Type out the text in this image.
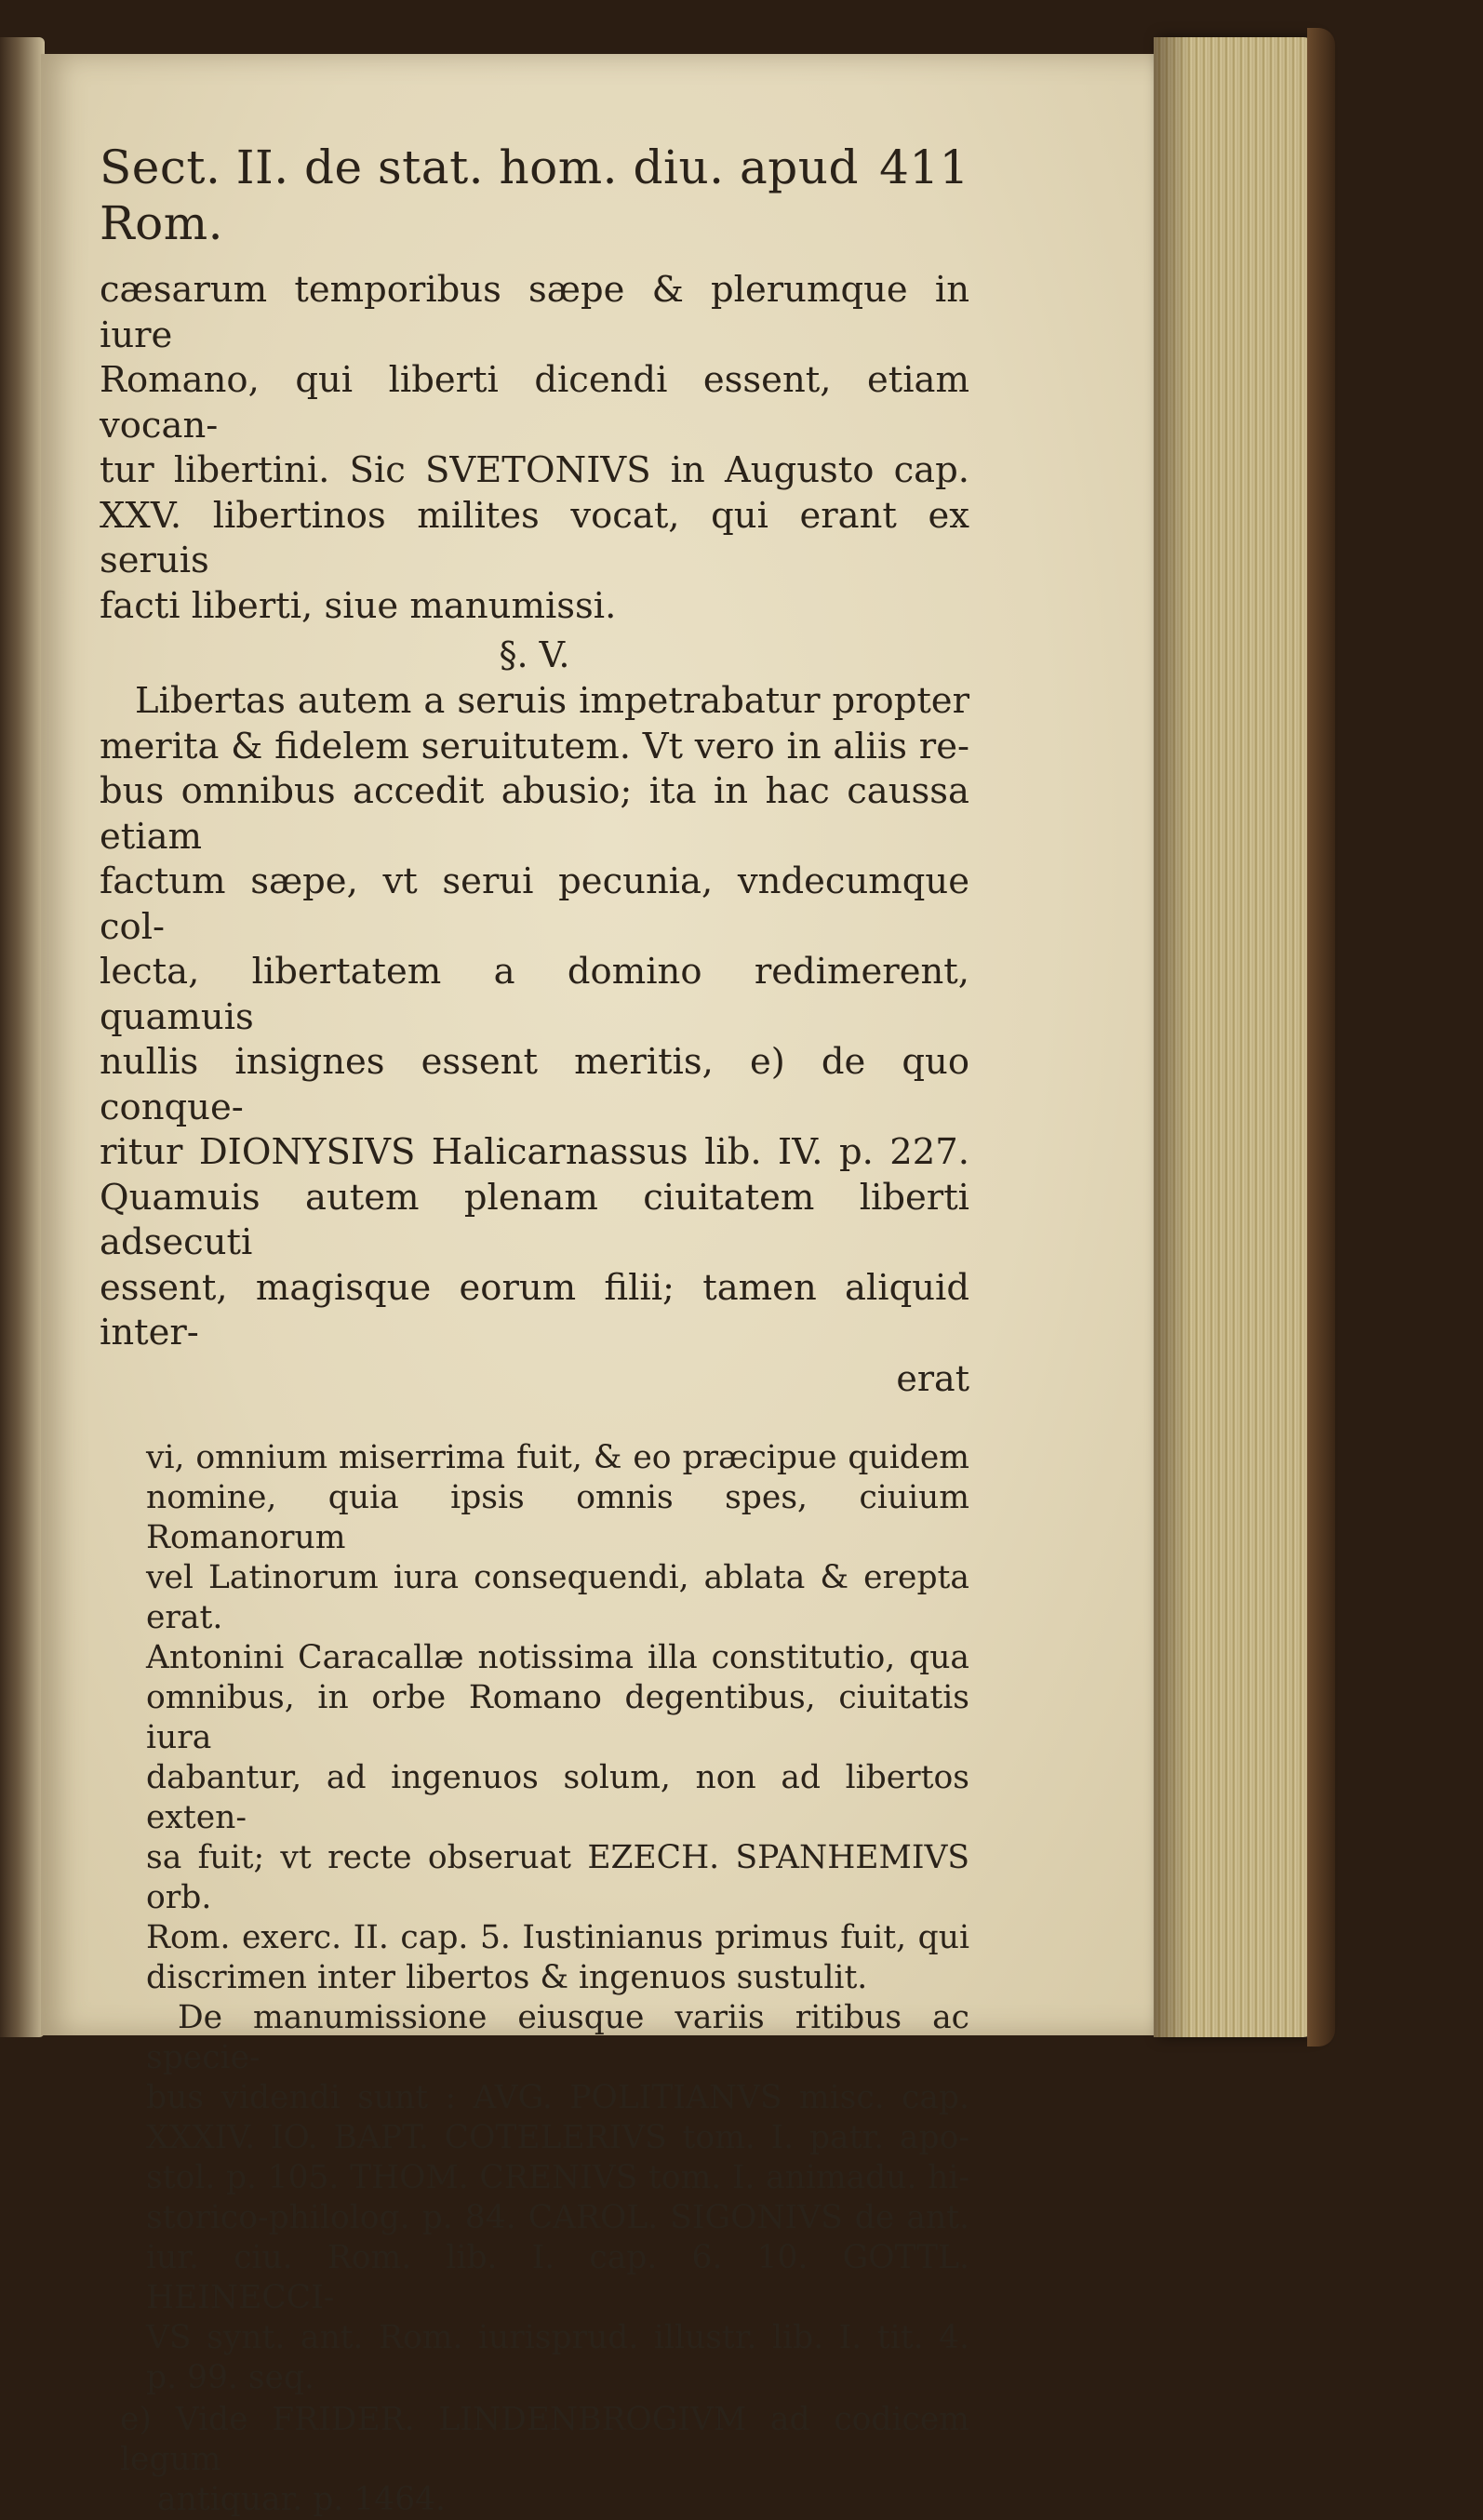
Sect. II. de stat. hom. diu. apud Rom.
411

cæsarum temporibus sæpe & plerumque in iure

Romano, qui liberti dicendi essent, etiam vocan-

tur libertini. Sic SVETONIVS in Augusto cap.

XXV. libertinos milites vocat, qui erant ex seruis

facti liberti, siue manumissi.

§. V.

Libertas autem a seruis impetrabatur propter

merita & fidelem seruitutem. Vt vero in aliis re-

bus omnibus accedit abusio; ita in hac caussa etiam

factum sæpe, vt serui pecunia, vndecumque col-

lecta, libertatem a domino redimerent, quamuis

nullis insignes essent meritis, e) de quo conque-

ritur DIONYSIVS Halicarnassus lib. IV. p. 227.

Quamuis autem plenam ciuitatem liberti adsecuti

essent, magisque eorum filii; tamen aliquid inter-

erat

vi, omnium miserrima fuit, & eo præcipue quidem

nomine, quia ipsis omnis spes, ciuium Romanorum

vel Latinorum iura consequendi, ablata & erepta erat.

Antonini Caracallæ notissima illa constitutio, qua

omnibus, in orbe Romano degentibus, ciuitatis iura

dabantur, ad ingenuos solum, non ad libertos exten-

sa fuit; vt recte obseruat EZECH. SPANHEMIVS orb.

Rom. exerc. II. cap. 5. Iustinianus primus fuit, qui

discrimen inter libertos & ingenuos sustulit.

De manumissione eiusque variis ritibus ac specie-

bus videndi sunt : AVG. POLITIANVS misc. cap.

XXXIV. IO. BAPT. COTELERIVS tom. I. patr. apo-

stol. p. 105. THOM. CRENIVS tom. I. animadu. hi-

storico-philolog. p. 84. CAROL. SIGONIVS de ant.

iur. ciu. Rom. lib. I. cap. 6. 10. GOTTL. HEINECCI-

VS synt. ant. Rom. iurisprud. illustr. lib. I. tit. 4.

p. 99. seq.

e) Vide FRIDER. LINDENBROGIVM ad codicem legum

antiquar. p. 1464.
